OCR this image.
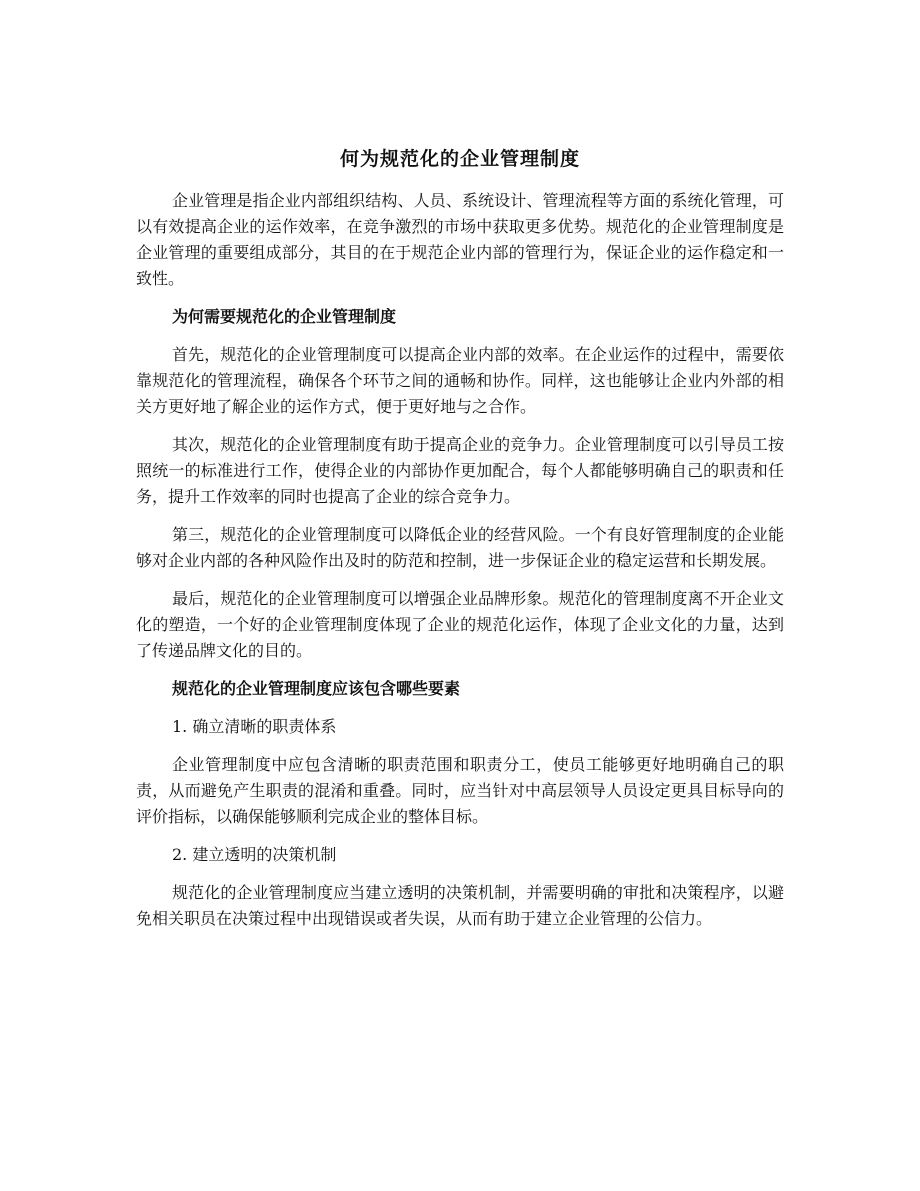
何为规范化的企业管理制度

企业管理是指企业内部组织结构、人员、系统设计、管理流程等方面的系统化管理，可以有效提高企业的运作效率，在竞争激烈的市场中获取更多优势。规范化的企业管理制度是企业管理的重要组成部分，其目的在于规范企业内部的管理行为，保证企业的运作稳定和一致性。

为何需要规范化的企业管理制度

首先，规范化的企业管理制度可以提高企业内部的效率。在企业运作的过程中，需要依靠规范化的管理流程，确保各个环节之间的通畅和协作。同样，这也能够让企业内外部的相关方更好地了解企业的运作方式，便于更好地与之合作。

其次，规范化的企业管理制度有助于提高企业的竞争力。企业管理制度可以引导员工按照统一的标准进行工作，使得企业的内部协作更加配合，每个人都能够明确自己的职责和任务，提升工作效率的同时也提高了企业的综合竞争力。

第三，规范化的企业管理制度可以降低企业的经营风险。一个有良好管理制度的企业能够对企业内部的各种风险作出及时的防范和控制，进一步保证企业的稳定运营和长期发展。

最后，规范化的企业管理制度可以增强企业品牌形象。规范化的管理制度离不开企业文化的塑造，一个好的企业管理制度体现了企业的规范化运作，体现了企业文化的力量，达到了传递品牌文化的目的。

规范化的企业管理制度应该包含哪些要素

1. 确立清晰的职责体系

企业管理制度中应包含清晰的职责范围和职责分工，使员工能够更好地明确自己的职责，从而避免产生职责的混淆和重叠。同时，应当针对中高层领导人员设定更具目标导向的评价指标，以确保能够顺利完成企业的整体目标。

2. 建立透明的决策机制

规范化的企业管理制度应当建立透明的决策机制，并需要明确的审批和决策程序，以避免相关职员在决策过程中出现错误或者失误，从而有助于建立企业管理的公信力。
